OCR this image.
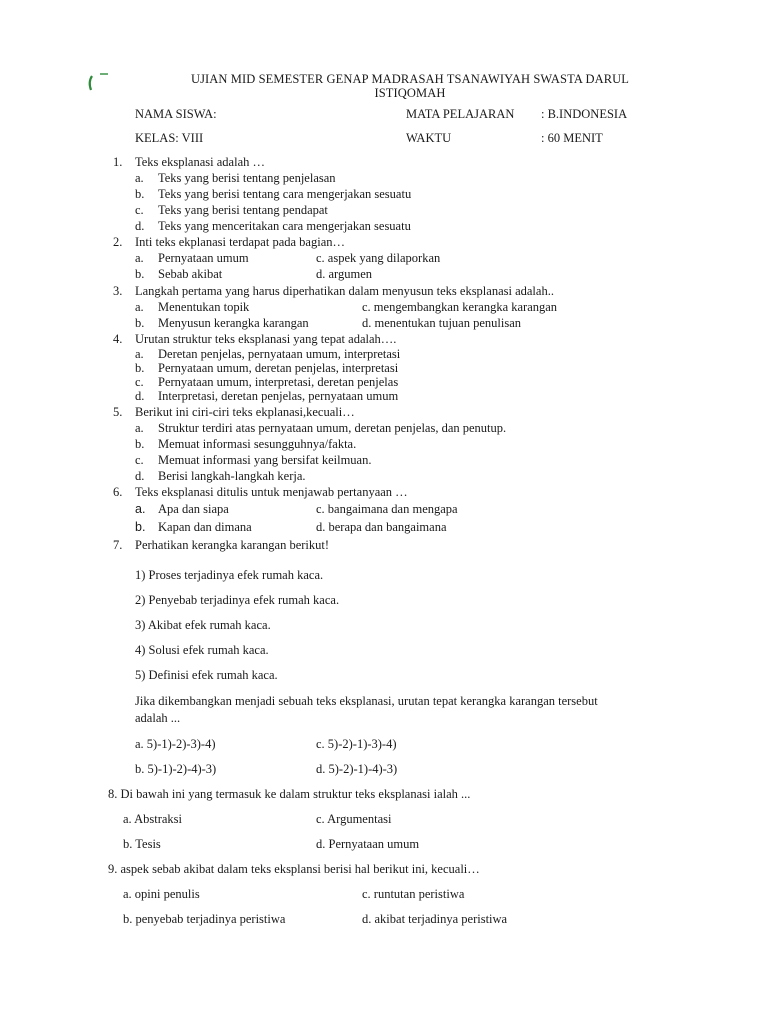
UJIAN MID SEMESTER GENAP MADRASAH TSANAWIYAH SWASTA DARUL
ISTIQOMAH
NAMA SISWA:	MATA PELAJARAN : B.INDONESIA
KELAS: VIII	WAKTU	: 60 MENIT
1. Teks eksplanasi adalah …
a. Teks yang berisi tentang penjelasan
b. Teks yang berisi tentang cara mengerjakan sesuatu
c. Teks yang berisi tentang pendapat
d. Teks yang menceritakan cara mengerjakan sesuatu
2. Inti teks ekplanasi terdapat pada bagian…
a. Pernyataan umum	c. aspek yang dilaporkan
b. Sebab akibat	d. argumen
3. Langkah pertama yang harus diperhatikan dalam menyusun teks eksplanasi adalah..
a. Menentukan topik	c. mengembangkan kerangka karangan
b. Menyusun kerangka karangan	d. menentukan tujuan penulisan
4. Urutan struktur teks eksplanasi yang tepat adalah….
a. Deretan penjelas, pernyataan umum, interpretasi
b. Pernyataan umum, deretan penjelas, interpretasi
c. Pernyataan umum, interpretasi, deretan penjelas
d. Interpretasi, deretan penjelas, pernyataan umum
5. Berikut ini ciri-ciri teks ekplanasi,kecuali…
a. Struktur terdiri atas pernyataan umum, deretan penjelas, dan penutup.
b. Memuat informasi sesungguhnya/fakta.
c. Memuat informasi yang bersifat keilmuan.
d. Berisi langkah-langkah kerja.
6. Teks eksplanasi ditulis untuk menjawab pertanyaan …
a. Apa dan siapa	c. bangaimana dan mengapa
b. Kapan dan dimana	d. berapa dan bangaimana
7. Perhatikan kerangka karangan berikut!
1) Proses terjadinya efek rumah kaca.
2) Penyebab terjadinya efek rumah kaca.
3) Akibat efek rumah kaca.
4) Solusi efek rumah kaca.
5) Definisi efek rumah kaca.
Jika dikembangkan menjadi sebuah teks eksplanasi, urutan tepat kerangka karangan tersebut
adalah ...
a. 5)-1)-2)-3)-4)	c. 5)-2)-1)-3)-4)
b. 5)-1)-2)-4)-3)	d. 5)-2)-1)-4)-3)
8. Di bawah ini yang termasuk ke dalam struktur teks eksplanasi ialah ...
a. Abstraksi	c. Argumentasi
b. Tesis	d. Pernyataan umum
9. aspek sebab akibat dalam teks eksplansi berisi hal berikut ini, kecuali…
a. opini penulis	c. runtutan peristiwa
b. penyebab terjadinya peristiwa	d. akibat terjadinya peristiwa
